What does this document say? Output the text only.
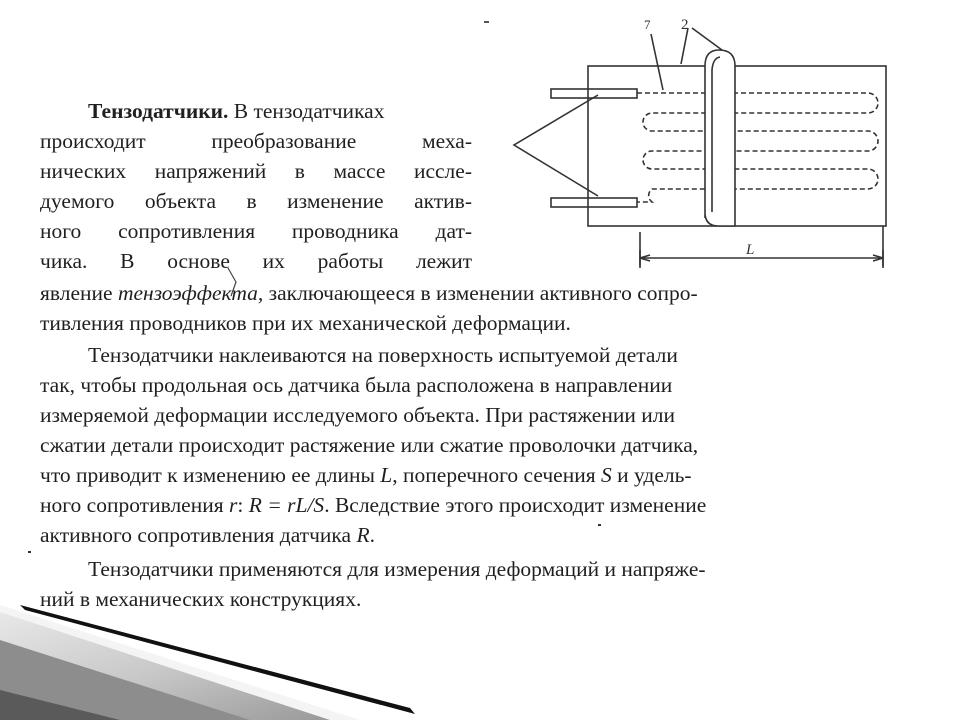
7 2
L

Тензодатчики. В тензодатчиках

происходит преобразование меха-

нических напряжений в массе иссле-

дуемого объекта в изменение актив-

ного сопротивления проводника дат-

чика. В основе их работы лежит

явление тензоэффекта, заключающееся в изменении активного сопро-

тивления проводников при их механической деформации.

Тензодатчики наклеиваются на поверхность испытуемой детали

так, чтобы продольная ось датчика была расположена в направлении

измеряемой деформации исследуемого объекта. При растяжении или

сжатии детали происходит растяжение или сжатие проволочки датчика,

что приводит к изменению ее длины L, поперечного сечения S и удель-

ного сопротивления r: R = rL/S. Вследствие этого происходит изменение

активного сопротивления датчика R.

Тензодатчики применяются для измерения деформаций и напряже-

ний в механических конструкциях.
